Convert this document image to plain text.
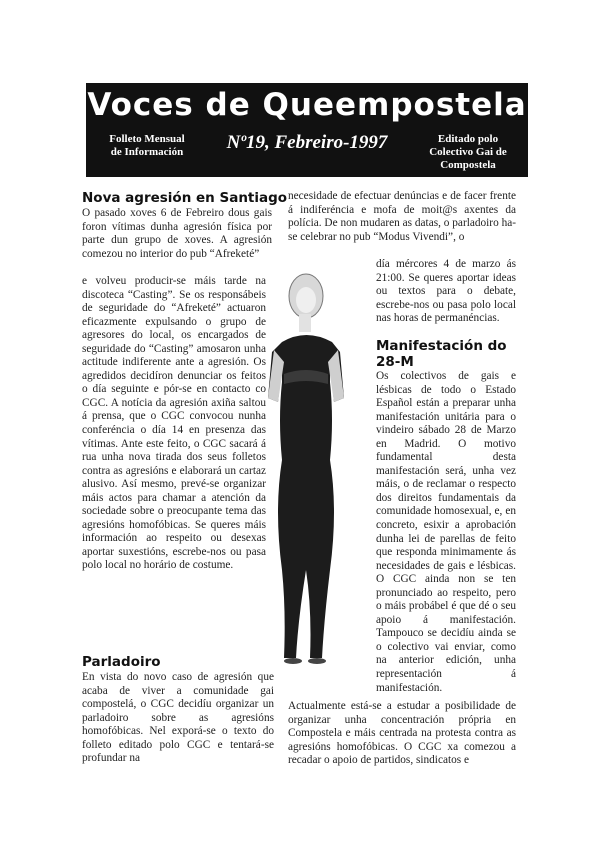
Voces de Queempostela
Folleto Mensual
de Información	Nº19, Febreiro-1997	Editado polo
Colectivo Gai de
Compostela
Nova agresión en Santiago

O pasado xoves 6 de Febreiro dous gais foron vítimas dunha agresión física por parte dun grupo de xoves. A agresión comezou no interior do pub “Afreketé”

e volveu producir-se máis tarde na discoteca “Casting”. Se os responsábeis de seguridade do “Afreketé” actuaron eficazmente expulsando o grupo de agresores do local, os encargados de seguridade do “Casting” amosaron unha actitude indiferente ante a agresión. Os agredidos decidíron denunciar os feitos o día seguinte e pór-se en contacto co CGC. A notícia da agresión axiña saltou á prensa, que o CGC convocou nunha conferéncia o día 14 en presenza das vítimas. Ante este feito, o CGC sacará á rua unha nova tirada dos seus folletos contra as agresións e elaborará un cartaz alusivo. Así mesmo, prevé-se organizar máis actos para chamar a atención da sociedade sobre o preocupante tema das agresións homofóbicas. Se queres máis información ao respeito ou desexas aportar suxestións, escrebe-nos ou pasa polo local no horário de costume.

Parladoiro

En vista do novo caso de agresión que acaba de viver a comunidade gai compostelá, o CGC decidíu organizar un parladoiro sobre as agresións homofóbicas. Nel exporá-se o texto do folleto editado polo CGC e tentará-se profundar na

necesidade de efectuar denúncias e de facer frente á indiferéncia e mofa de moit@s axentes da polícia. De non mudaren as datas, o parladoiro ha-se celebrar no pub “Modus Vivendi”, o

día mércores 4 de marzo ás 21:00. Se queres aportar ideas ou textos para o debate, escrebe-nos ou pasa polo local nas horas de permanéncias.

Manifestación do
28-M

Os colectivos de gais e lésbicas de todo o Estado Español están a preparar unha manifestación unitária para o vindeiro sábado 28 de Marzo en Madrid. O motivo fundamental desta manifestación será, unha vez máis, o de reclamar o respecto dos direitos fundamentais da comunidade homosexual, e, en concreto, esixir a aprobación dunha lei de parellas de feito que responda minimamente ás necesidades de gais e lésbicas. O CGC ainda non se ten pronunciado ao respeito, pero o máis probábel é que dé o seu apoio á manifestación. Tampouco se decidíu ainda se o colectivo vai enviar, como na anterior edición, unha representación á manifestación.

Actualmente está-se a estudar a posibilidade de organizar unha concentración própria en Compostela e máis centrada na protesta contra as agresións homofóbicas. O CGC xa comezou a recadar o apoio de partidos, sindicatos e
